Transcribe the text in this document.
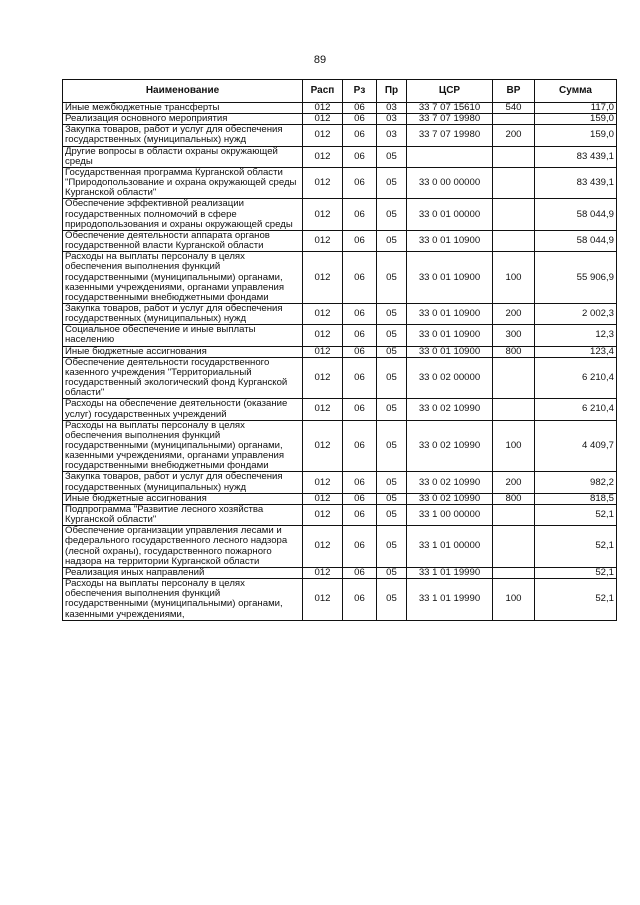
89
Наименование	Расп	Рз	Пр	ЦСР	ВР	Сумма
Иные межбюджетные трансферты	012	06	03	33 7 07 15610	540	117,0
Реализация основного мероприятия	012	06	03	33 7 07 19980		159,0
Закупка товаров, работ и услуг для обеспечения государственных (муниципальных) нужд	012	06	03	33 7 07 19980	200	159,0
Другие вопросы в области охраны окружающей среды	012	06	05			83 439,1
Государственная программа Курганской области "Природопользование и охрана окружающей среды Курганской области"	012	06	05	33 0 00 00000		83 439,1
Обеспечение эффективной реализации государственных полномочий в сфере природопользования и охраны окружающей среды	012	06	05	33 0 01 00000		58 044,9
Обеспечение деятельности аппарата органов государственной власти Курганской области	012	06	05	33 0 01 10900		58 044,9
Расходы на выплаты персоналу в целях обеспечения выполнения функций государственными (муниципальными) органами, казенными учреждениями, органами управления государственными внебюджетными фондами	012	06	05	33 0 01 10900	100	55 906,9
Закупка товаров, работ и услуг для обеспечения государственных (муниципальных) нужд	012	06	05	33 0 01 10900	200	2 002,3
Социальное обеспечение и иные выплаты населению	012	06	05	33 0 01 10900	300	12,3
Иные бюджетные ассигнования	012	06	05	33 0 01 10900	800	123,4
Обеспечение деятельности государственного казенного учреждения "Территориальный государственный экологический фонд Курганской области"	012	06	05	33 0 02 00000		6 210,4
Расходы на обеспечение деятельности (оказание услуг) государственных учреждений	012	06	05	33 0 02 10990		6 210,4
Расходы на выплаты персоналу в целях обеспечения выполнения функций государственными (муниципальными) органами, казенными учреждениями, органами управления государственными внебюджетными фондами	012	06	05	33 0 02 10990	100	4 409,7
Закупка товаров, работ и услуг для обеспечения государственных (муниципальных) нужд	012	06	05	33 0 02 10990	200	982,2
Иные бюджетные ассигнования	012	06	05	33 0 02 10990	800	818,5
Подпрограмма "Развитие лесного хозяйства Курганской области"	012	06	05	33 1 00 00000		52,1
Обеспечение организации управления лесами и федерального государственного лесного надзора (лесной охраны), государственного пожарного надзора на территории Курганской области	012	06	05	33 1 01 00000		52,1
Реализация иных направлений	012	06	05	33 1 01 19990		52,1
Расходы на выплаты персоналу в целях обеспечения выполнения функций государственными (муниципальными) органами, казенными учреждениями,	012	06	05	33 1 01 19990	100	52,1
